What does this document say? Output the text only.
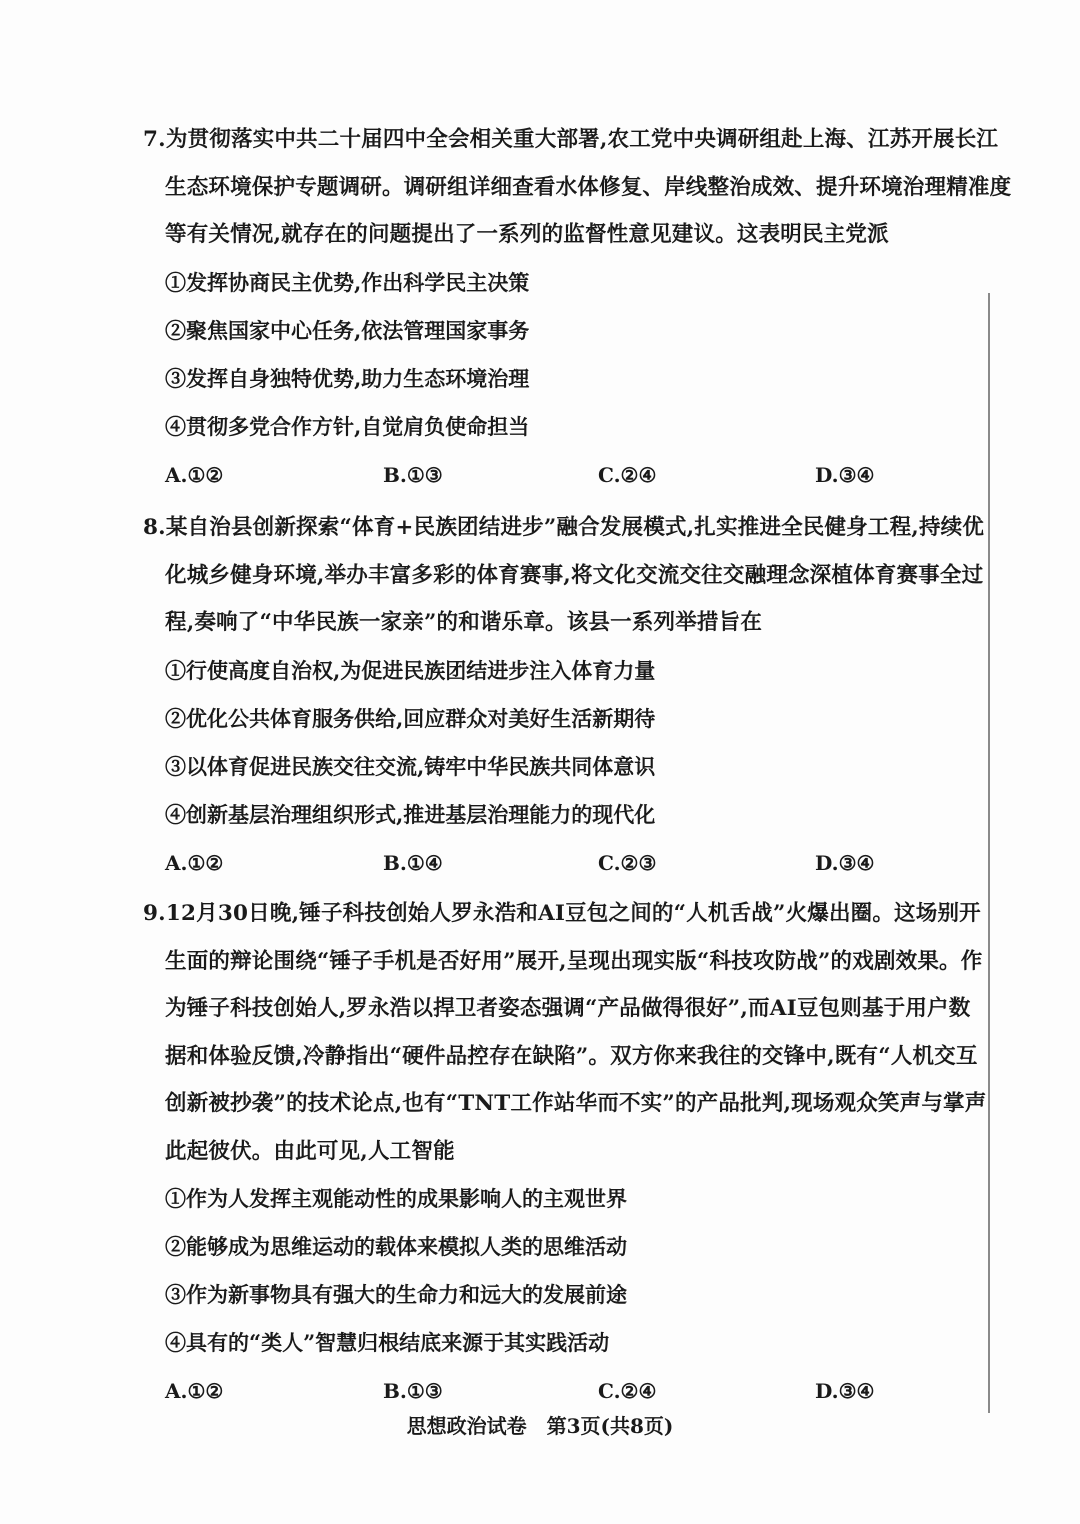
7.为贯彻落实中共二十届四中全会相关重大部署,农工党中央调研组赴上海、江苏开展长江
生态环境保护专题调研。调研组详细查看水体修复、岸线整治成效、提升环境治理精准度
等有关情况,就存在的问题提出了一系列的监督性意见建议。这表明民主党派
①发挥协商民主优势,作出科学民主决策
②聚焦国家中心任务,依法管理国家事务
③发挥自身独特优势,助力生态环境治理
④贯彻多党合作方针,自觉肩负使命担当
A.①②	B.①③	C.②④	D.③④
8.某自治县创新探索“体育+民族团结进步”融合发展模式,扎实推进全民健身工程,持续优
化城乡健身环境,举办丰富多彩的体育赛事,将文化交流交往交融理念深植体育赛事全过
程,奏响了“中华民族一家亲”的和谐乐章。该县一系列举措旨在
①行使高度自治权,为促进民族团结进步注入体育力量
②优化公共体育服务供给,回应群众对美好生活新期待
③以体育促进民族交往交流,铸牢中华民族共同体意识
④创新基层治理组织形式,推进基层治理能力的现代化
A.①②	B.①④	C.②③	D.③④
9.12月30日晚,锤子科技创始人罗永浩和AI豆包之间的“人机舌战”火爆出圈。这场别开
生面的辩论围绕“锤子手机是否好用”展开,呈现出现实版“科技攻防战”的戏剧效果。作
为锤子科技创始人,罗永浩以捍卫者姿态强调“产品做得很好”,而AI豆包则基于用户数
据和体验反馈,冷静指出“硬件品控存在缺陷”。双方你来我往的交锋中,既有“人机交互
创新被抄袭”的技术论点,也有“TNT工作站华而不实”的产品批判,现场观众笑声与掌声
此起彼伏。由此可见,人工智能
①作为人发挥主观能动性的成果影响人的主观世界
②能够成为思维运动的载体来模拟人类的思维活动
③作为新事物具有强大的生命力和远大的发展前途
④具有的“类人”智慧归根结底来源于其实践活动
A.①②	B.①③	C.②④	D.③④
思想政治试卷　第3页(共8页)
